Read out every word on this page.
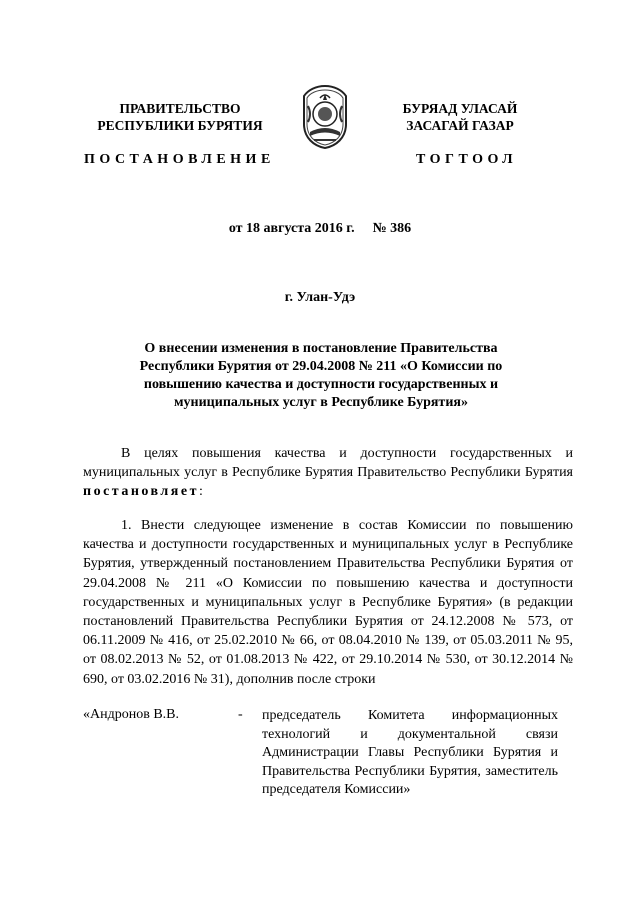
ПРАВИТЕЛЬСТВО
РЕСПУБЛИКИ БУРЯТИЯ
БУРЯАД УЛАСАЙ
ЗАСАГАЙ ГАЗАР
ПОСТАНОВЛЕНИЕ	ТОГТООЛ
от 18 августа 2016 г. № 386
г. Улан-Удэ
О внесении изменения в постановление Правительства
Республики Бурятия от 29.04.2008 № 211 «О Комиссии по
повышению качества и доступности государственных и
муниципальных услуг в Республике Бурятия»
В целях повышения качества и доступности государственных и муниципальных услуг в Республике Бурятия Правительство Республики Бурятия постановляет:
1. Внести следующее изменение в состав Комиссии по повышению качества и доступности государственных и муниципальных услуг в Республике Бурятия, утвержденный постановлением Правительства Республики Бурятия от 29.04.2008 № 211 «О Комиссии по повышению качества и доступности государственных и муниципальных услуг в Республике Бурятия» (в редакции постановлений Правительства Республики Бурятия от 24.12.2008 № 573, от 06.11.2009 № 416, от 25.02.2010 № 66, от 08.04.2010 № 139, от 05.03.2011 № 95, от 08.02.2013 № 52, от 01.08.2013 № 422, от 29.10.2014 № 530, от 30.12.2014 № 690, от 03.02.2016 № 31), дополнив после строки
«Андронов В.В.	- председатель Комитета информационных технологий и документальной связи Администрации Главы Республики Бурятия и Правительства Республики Бурятия, заместитель председателя Комиссии»
